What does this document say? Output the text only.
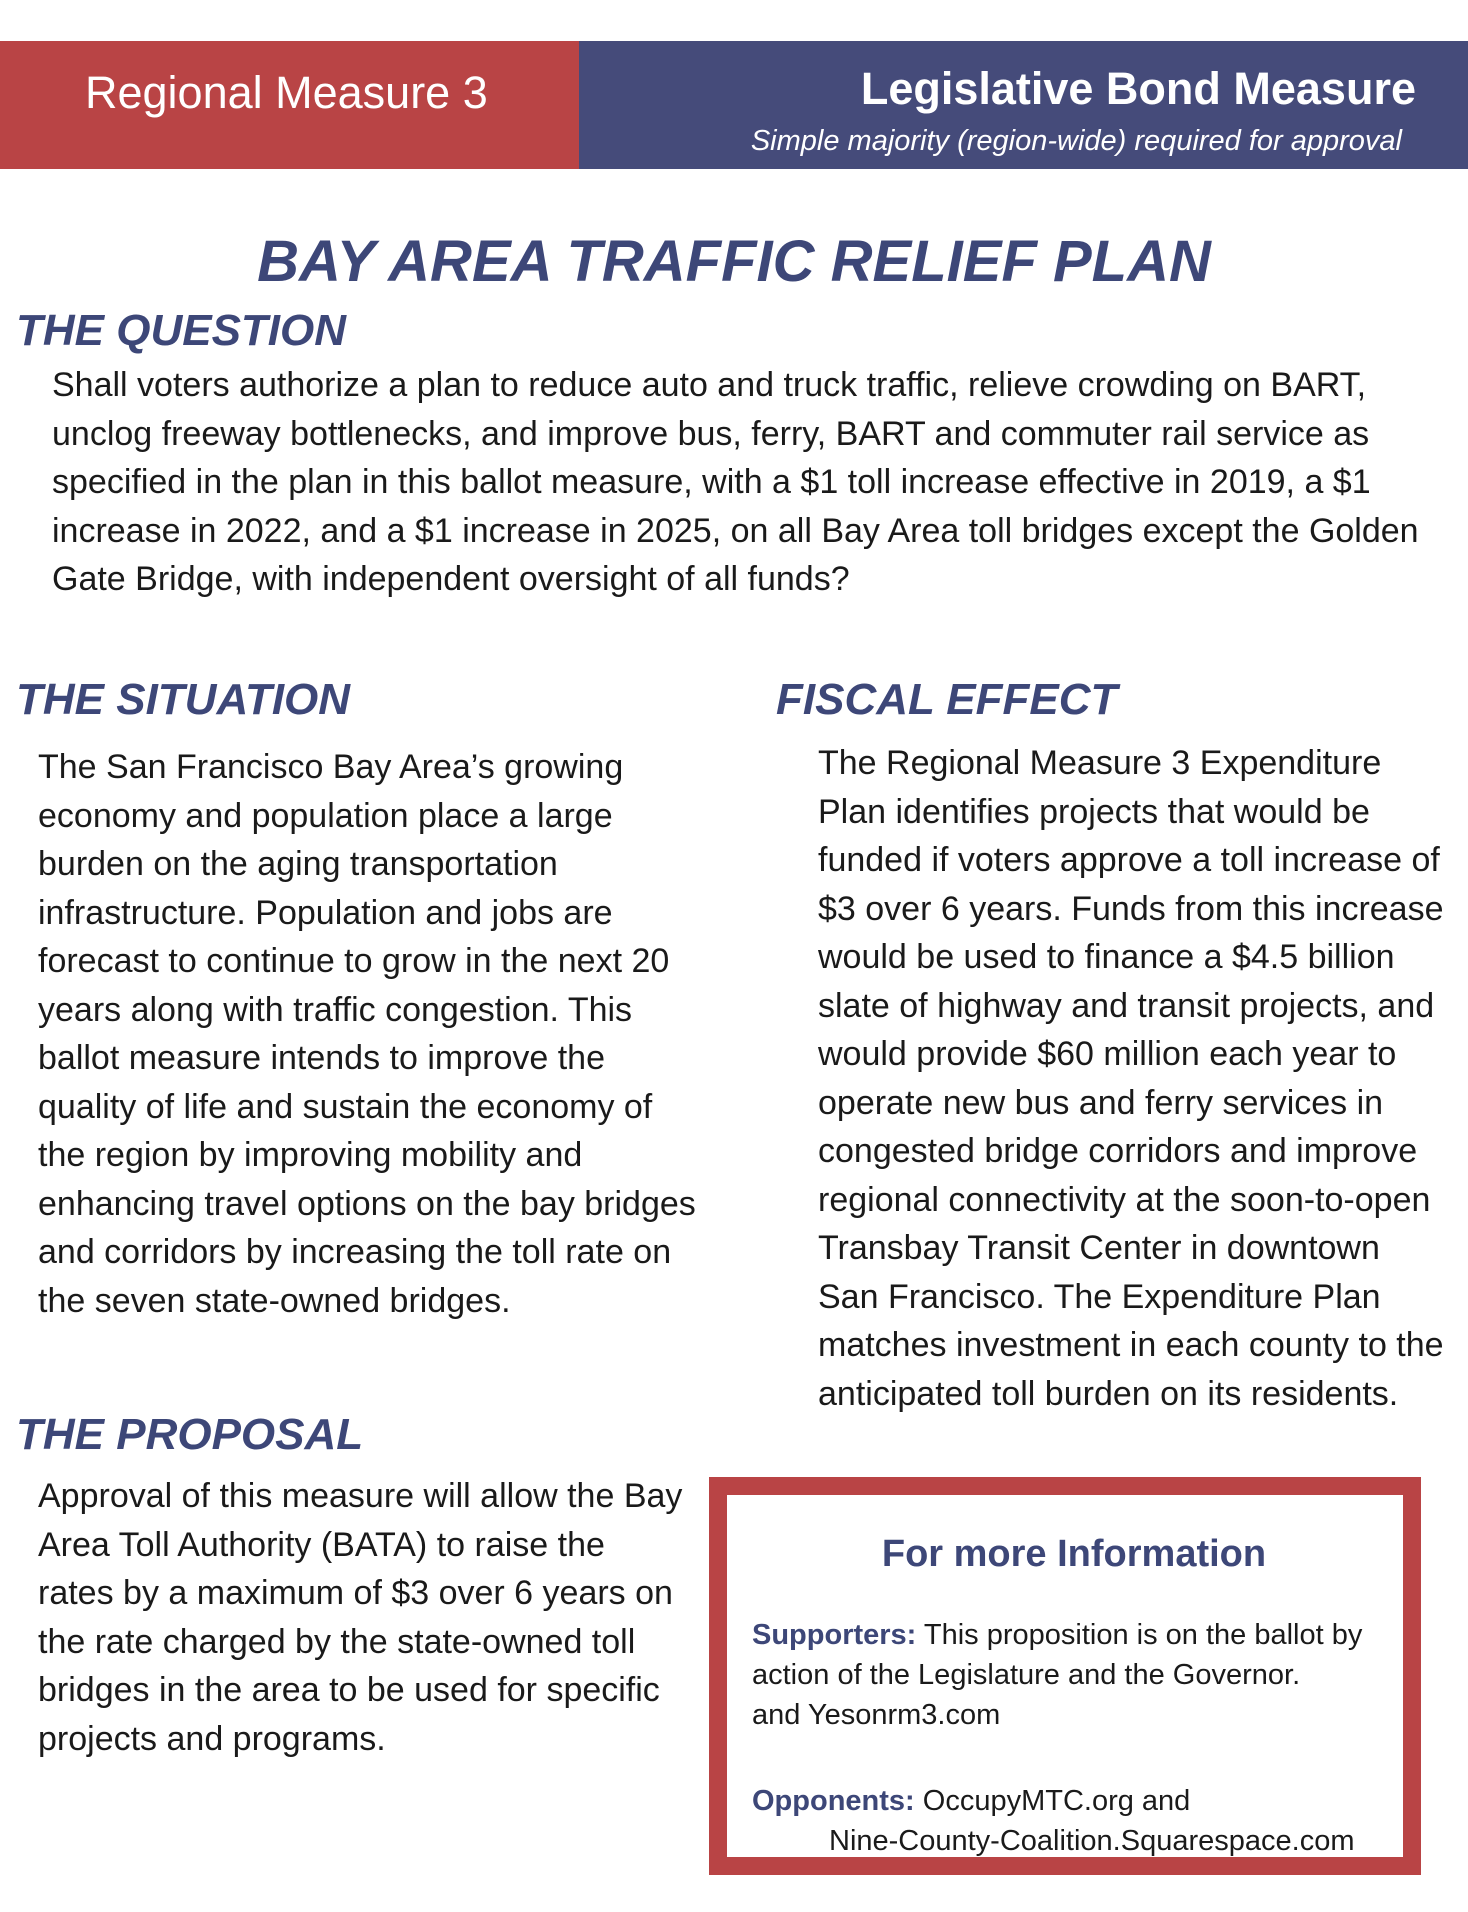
Regional Measure 3	Legislative Bond Measure
Simple majority (region-wide) required for approval
BAY AREA TRAFFIC RELIEF PLAN
THE QUESTION

Shall voters authorize a plan to reduce auto and truck traffic, relieve crowding on BART, unclog freeway bottlenecks, and improve bus, ferry, BART and commuter rail service as specified in the plan in this ballot measure, with a $1 toll increase effective in 2019, a $1 increase in 2022, and a $1 increase in 2025, on all Bay Area toll bridges except the Golden Gate Bridge, with independent oversight of all funds?

THE SITUATION

The San Francisco Bay Area’s growing economy and population place a large burden on the aging transportation infrastructure. Population and jobs are forecast to continue to grow in the next 20 years along with traffic congestion. This ballot measure intends to improve the quality of life and sustain the economy of the region by improving mobility and enhancing travel options on the bay bridges and corridors by increasing the toll rate on the seven state-owned bridges.

THE PROPOSAL

Approval of this measure will allow the Bay Area Toll Authority (BATA) to raise the rates by a maximum of $3 over 6 years on the rate charged by the state-owned toll bridges in the area to be used for specific projects and programs.

FISCAL EFFECT

The Regional Measure 3 Expenditure Plan identifies projects that would be funded if voters approve a toll increase of $3 over 6 years. Funds from this increase would be used to finance a $4.5 billion slate of highway and transit projects, and would provide $60 million each year to operate new bus and ferry services in congested bridge corridors and improve regional connectivity at the soon-to-open Transbay Transit Center in downtown San Francisco. The Expenditure Plan matches investment in each county to the anticipated toll burden on its residents.

For more Information

Supporters: This proposition is on the ballot by action of the Legislature and the Governor.
and Yesonrm3.com

Opponents: OccupyMTC.org and
Nine-County-Coalition.Squarespace.com
